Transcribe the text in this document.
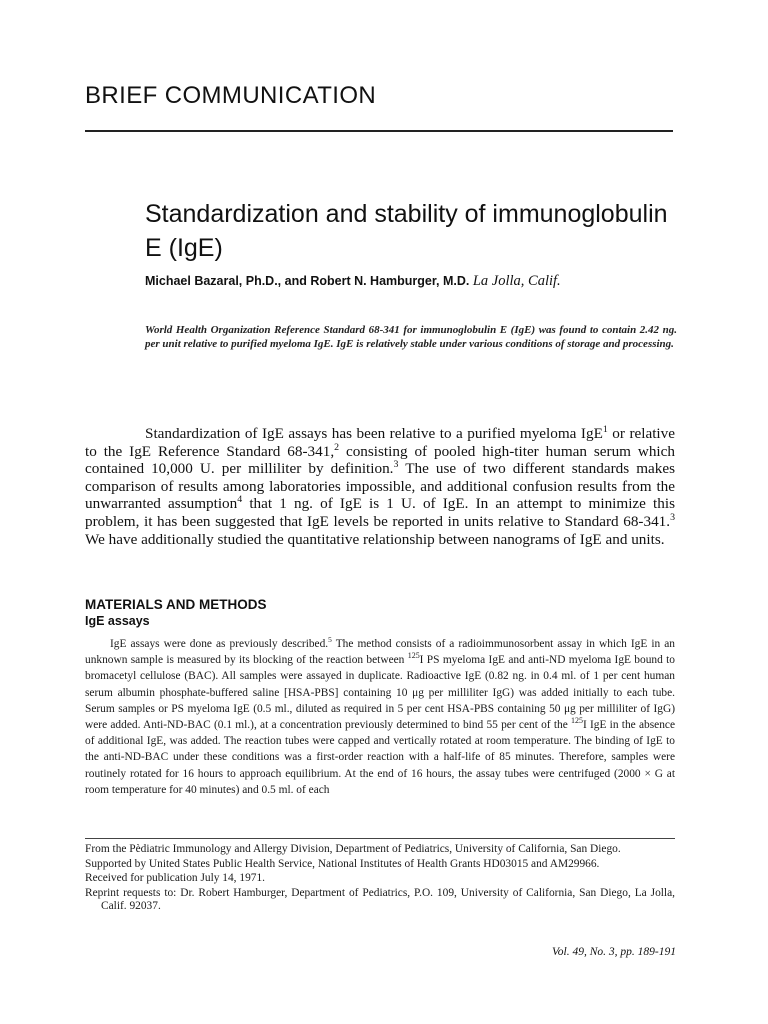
BRIEF COMMUNICATION
Standardization and stability of immunoglobulin E (IgE)
Michael Bazaral, Ph.D., and Robert N. Hamburger, M.D. La Jolla, Calif.
World Health Organization Reference Standard 68-341 for immunoglobulin E (IgE) was found to contain 2.42 ng. per unit relative to purified myeloma IgE. IgE is relatively stable under various conditions of storage and processing.
Standardization of IgE assays has been relative to a purified myeloma IgE$^1$ or relative to the IgE Reference Standard 68-341,$^2$ consisting of pooled high-titer human serum which contained 10,000 U. per milliliter by definition.$^3$ The use of two different standards makes comparison of results among laboratories impossible, and additional confusion results from the unwarranted assumption$^4$ that 1 ng. of IgE is 1 U. of IgE. In an attempt to minimize this problem, it has been suggested that IgE levels be reported in units relative to Standard 68-341.$^3$ We have additionally studied the quantitative relationship between nanograms of IgE and units.
MATERIALS AND METHODS
IgE assays
IgE assays were done as previously described.$^5$ The method consists of a radioimmunosorbent assay in which IgE in an unknown sample is measured by its blocking of the reaction between $^{125}$I PS myeloma IgE and anti-ND myeloma IgE bound to bromacetyl cellulose (BAC). All samples were assayed in duplicate. Radioactive IgE (0.82 ng. in 0.4 ml. of 1 per cent human serum albumin phosphate-buffered saline [HSA-PBS] containing 10 μg per milliliter IgG) was added initially to each tube. Serum samples or PS myeloma IgE (0.5 ml., diluted as required in 5 per cent HSA-PBS containing 50 μg per milliliter of IgG) were added. Anti-ND-BAC (0.1 ml.), at a concentration previously determined to bind 55 per cent of the $^{125}$I IgE in the absence of additional IgE, was added. The reaction tubes were capped and vertically rotated at room temperature. The binding of IgE to the anti-ND-BAC under these conditions was a first-order reaction with a half-life of 85 minutes. Therefore, samples were routinely rotated for 16 hours to approach equilibrium. At the end of 16 hours, the assay tubes were centrifuged (2000 × G at room temperature for 40 minutes) and 0.5 ml. of each

From the Pèdiatric Immunology and Allergy Division, Department of Pediatrics, University of California, San Diego.

Supported by United States Public Health Service, National Institutes of Health Grants HD03015 and AM29966.

Received for publication July 14, 1971.

Reprint requests to: Dr. Robert Hamburger, Department of Pediatrics, P.O. 109, University of California, San Diego, La Jolla, Calif. 92037.

Vol. 49, No. 3, pp. 189-191
